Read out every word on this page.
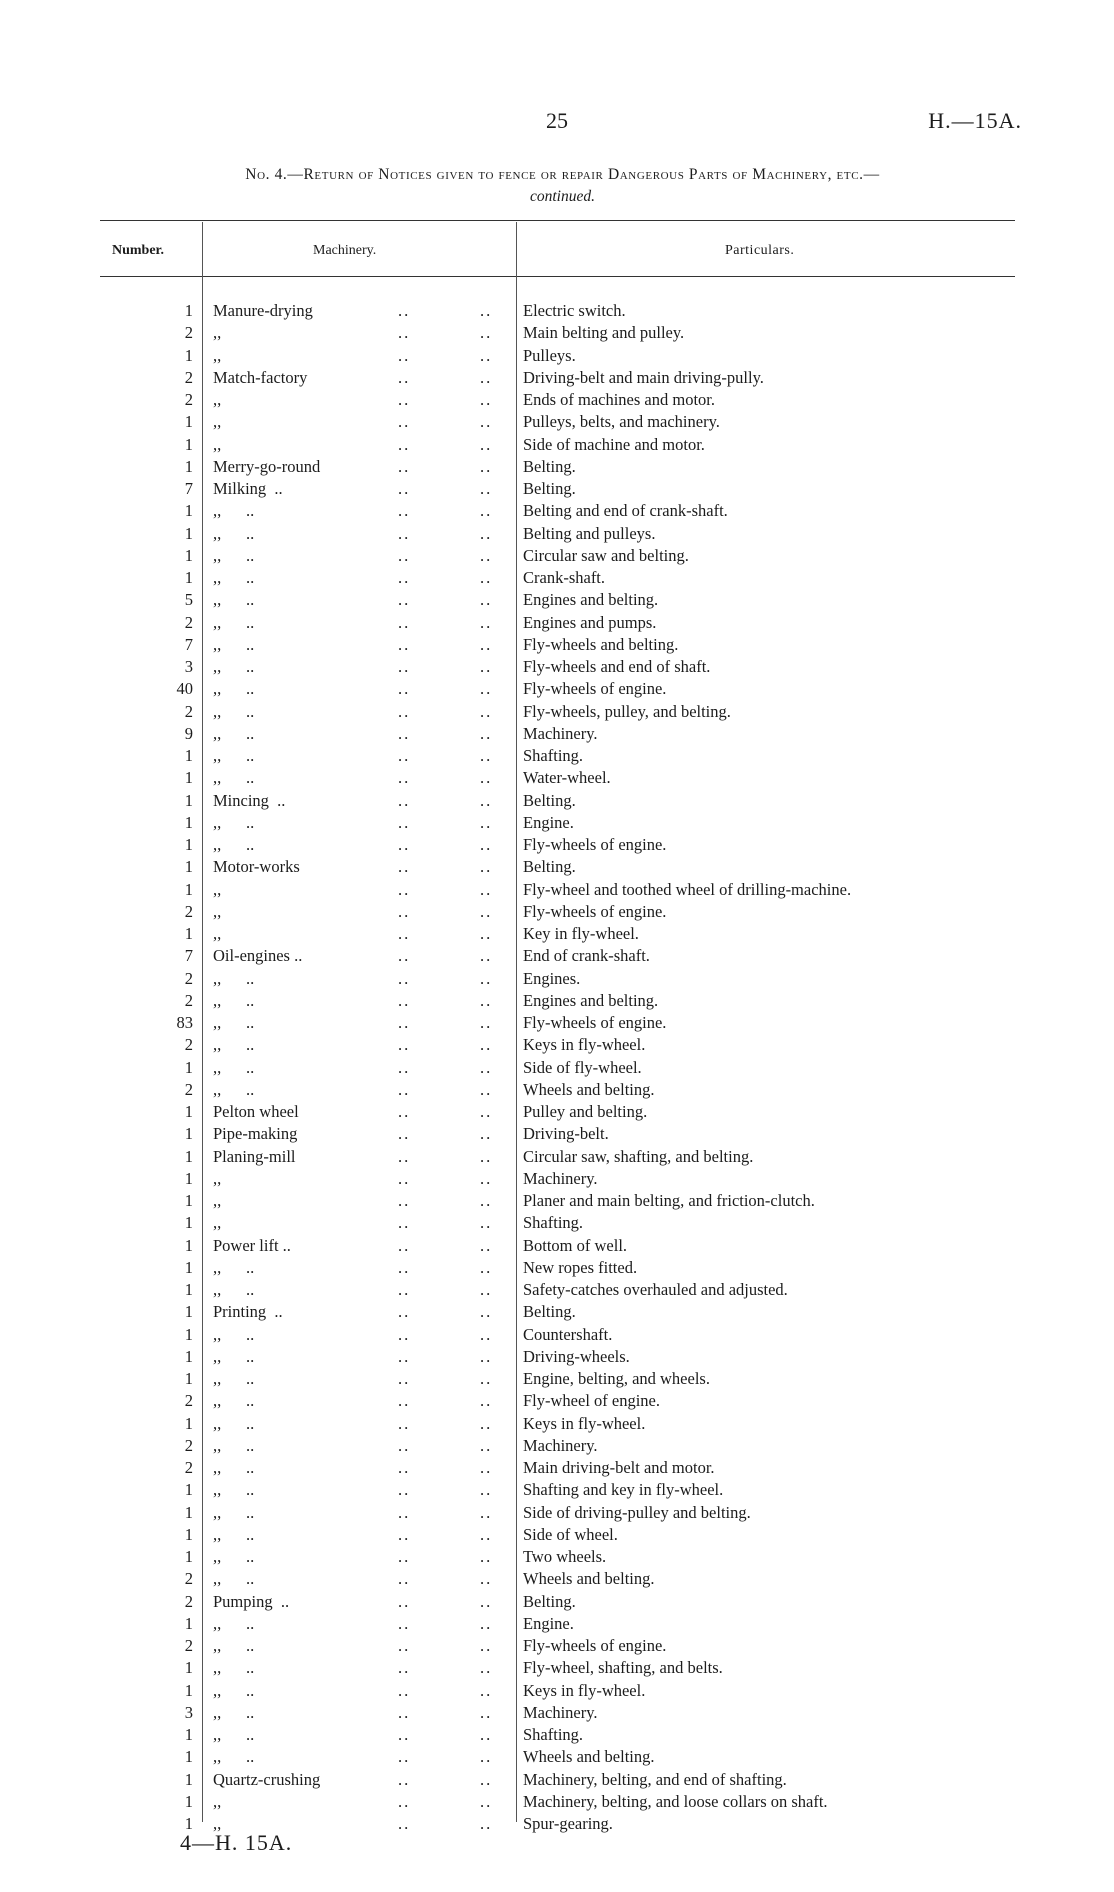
25	H.—15A.
No. 4.—Return of Notices given to fence or repair Dangerous Parts of Machinery, etc.—
continued.
Number.	Machinery.	Particulars.
1 Manure-drying	..	.. Electric switch.
2 ,,	..	.. Main belting and pulley.
1 ,,	..	.. Pulleys.
2 Match-factory	..	.. Driving-belt and main driving-pully.
2 ,,	..	.. Ends of machines and motor.
1 ,,	..	.. Pulleys, belts, and machinery.
1 ,,	..	.. Side of machine and motor.
1 Merry-go-round	..	.. Belting.
7 Milking  ..	..	.. Belting.
1 ,,      ..	..	.. Belting and end of crank-shaft.
1 ,,      ..	..	.. Belting and pulleys.
1 ,,      ..	..	.. Circular saw and belting.
1 ,,      ..	..	.. Crank-shaft.
5 ,,      ..	..	.. Engines and belting.
2 ,,      ..	..	.. Engines and pumps.
7 ,,      ..	..	.. Fly-wheels and belting.
3 ,,      ..	..	.. Fly-wheels and end of shaft.
40 ,,      ..	..	.. Fly-wheels of engine.
2 ,,      ..	..	.. Fly-wheels, pulley, and belting.
9 ,,      ..	..	.. Machinery.
1 ,,      ..	..	.. Shafting.
1 ,,      ..	..	.. Water-wheel.
1 Mincing  ..	..	.. Belting.
1 ,,      ..	..	.. Engine.
1 ,,      ..	..	.. Fly-wheels of engine.
1 Motor-works	..	.. Belting.
1 ,,	..	.. Fly-wheel and toothed wheel of drilling-machine.
2 ,,	..	.. Fly-wheels of engine.
1 ,,	..	.. Key in fly-wheel.
7 Oil-engines ..	..	.. End of crank-shaft.
2 ,,      ..	..	.. Engines.
2 ,,      ..	..	.. Engines and belting.
83 ,,      ..	..	.. Fly-wheels of engine.
2 ,,      ..	..	.. Keys in fly-wheel.
1 ,,      ..	..	.. Side of fly-wheel.
2 ,,      ..	..	.. Wheels and belting.
1 Pelton wheel	..	.. Pulley and belting.
1 Pipe-making	..	.. Driving-belt.
1 Planing-mill	..	.. Circular saw, shafting, and belting.
1 ,,	..	.. Machinery.
1 ,,	..	.. Planer and main belting, and friction-clutch.
1 ,,	..	.. Shafting.
1 Power lift ..	..	.. Bottom of well.
1 ,,      ..	..	.. New ropes fitted.
1 ,,      ..	..	.. Safety-catches overhauled and adjusted.
1 Printing  ..	..	.. Belting.
1 ,,      ..	..	.. Countershaft.
1 ,,      ..	..	.. Driving-wheels.
1 ,,      ..	..	.. Engine, belting, and wheels.
2 ,,      ..	..	.. Fly-wheel of engine.
1 ,,      ..	..	.. Keys in fly-wheel.
2 ,,      ..	..	.. Machinery.
2 ,,      ..	..	.. Main driving-belt and motor.
1 ,,      ..	..	.. Shafting and key in fly-wheel.
1 ,,      ..	..	.. Side of driving-pulley and belting.
1 ,,      ..	..	.. Side of wheel.
1 ,,      ..	..	.. Two wheels.
2 ,,      ..	..	.. Wheels and belting.
2 Pumping  ..	..	.. Belting.
1 ,,      ..	..	.. Engine.
2 ,,      ..	..	.. Fly-wheels of engine.
1 ,,      ..	..	.. Fly-wheel, shafting, and belts.
1 ,,      ..	..	.. Keys in fly-wheel.
3 ,,      ..	..	.. Machinery.
1 ,,      ..	..	.. Shafting.
1 ,,      ..	..	.. Wheels and belting.
1 Quartz-crushing	..	.. Machinery, belting, and end of shafting.
1 ,,	..	.. Machinery, belting, and loose collars on shaft.
1 ,,	..	.. Spur-gearing.
4—H. 15A.
